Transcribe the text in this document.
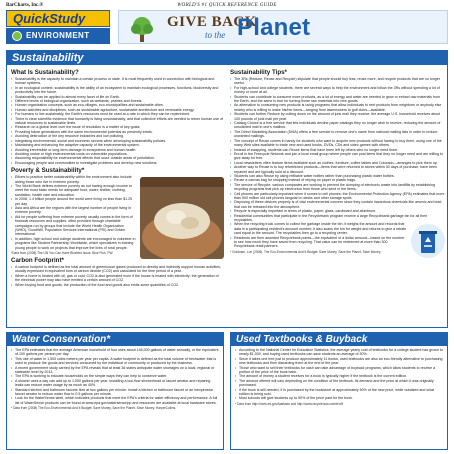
BarCharts, Inc.®	WORLD'S #1 QUICK REFERENCE GUIDE
QuickStudy
ENVIRONMENT
GIVE BACK
to the Planet
Sustainability
What Is Sustainability?
• Sustainability is the capacity to maintain a certain process or state. It is most frequently used in connection with biological and human systems.
• In an ecological context, sustainability is the ability of an ecosystem to maintain ecological processes, functions, biodiversity and productivity into the future.
• Sustainability can be applied to almost every facet of life on Earth.
• Different levels of biological organization, such as wetlands, prairies and forests.
• Human organization concepts, such as eco-villages, eco-municipalities and sustainable cities.
• Human activities and disciplines, such as sustainable agriculture, sustainable architecture and renewable energy.
• For humans to live sustainably, the Earth's resources must be used at a rate in which they can be replenished.
• There is clear scientific evidence that humanity is living unsustainably, and that collective efforts are needed to return human use of natural resources to sustainable limits.
• Research on a global level over the issue of resolution is a matter of key goals:
• Providing future generations with the same environmental potential as presently exists.
• Avoiding destruction of the key resource industries and low polluting.
• Integrating environmental, social and economic sectors when developing sustainability policies.
• Maintaining and enhancing the adaptive capacity of the environmental system.
• Avoiding irreversible or long-term damage to ecosystems and human health.
• Avoiding undue or high environmental costs on vulnerable populations.
• Assuming responsibility for environmental effects that occur outside areas of jurisdiction.
• Encouraging people and communities to investigate problems and develop new solutions.
Poverty & Sustainability*
• Efforts to practice better sustainability within the environment also include aiding those who live in extreme poverty.
• The World Bank defines extreme poverty as not having enough income to meet the most basic needs for adequate food, water, shelter, clothing, sanitation, health care and education.
• In 2008, 1.4 billion people around the world were living on less than $1.25 per day.
• Asia and Africa are the regions with the largest number of people living in extreme poverty.
• Aid for people suffering from extreme poverty usually comes in the form of financial resources and supplies, often provided through charitable campaigns run by groups that include the World Health Organization (WHO), GoodWill, Population Services International (PSI) and Oxfam International.
• In addition, high school and college students are encouraged to volunteer in programs like Student Partnership Worldwide, which specializes in training young people to work on projects that improve the lives of rural people.
*Data from (2008) The UN You Can Have Bluebird Issue. Blue Fish, PW.
Carbon Footprint*
• A carbon footprint is defined as the total amount of greenhouse gases produced to directly and indirectly support human activities, usually expressed in equivalent tons of carbon dioxide (CO2) and calculated for the time period of a year.
• When a home is heated with oil, gas or coal, CO2 is also generated even if the house is heated with electricity; the generation of the electrical power may also have emitted a certain amount of CO2.
• When buying food and goods, the production of the food and goods also emits some quantities of CO2.
Sustainability Tips*
• The 3Rs (Reduce, Reuse and Recycle) stipulate that people should buy less, reuse more, and recycle products that are no longer useful.
• For high-school and college students, there are several ways to help the environment and follow the 3Rs without spending a lot of money or none at all.
• Students can contribute to consume more products, as a lot of energy and water are needed to grow or extract raw materials from the Earth, and the same is true for turning those raw materials into new goods.
• An alternative to consuming new products is using programs that allow individuals to rent products from neighbors or anybody else nearby who is willing to make his/her items—ranging from lawnmowers to golf clubs—available.
• Students can further Reduce by cutting down on the amount of junk mail they receive; the average U.S. household receives about 100 pounds of junk mail per year.
• Catalog Choice is a free service that lets individuals decline paper catalogs they no longer wish to receive, reducing the amount of unsolicited mail in one's mailbox.
• The Direct Marketing Association (DMA) offers a free service to remove one's name from national mailing lists in order to reduce unwanted mailings.
• The concept of Reuse comes in handy for students who want to acquire new products without having to buy them, using one of the many Web sites available to trade new and used books, DVDs, CDs and video games with others.
• Instead of swapping, students can Reuse items that have been left by others who no longer need them.
• Enroll in the Freecycle Network and join a local email group where people can post items that they no longer need and are willing to give away for free.
• Local newsletters often feature items available such as clothes, furniture, coffee tables and Colorado—arranges to pick them up.
• Another way to Reuse is to buy refurbished products—items that were returned to stores within 30 days of purchase, have been repaired and are typically sold at a discount.
• Students can also Reuse by using refillable water bottles rather than purchasing plastic water bottles.
• Reuse a canvas bag for shopping instead of relying on paper or plastic bags.
• The service of Recycle, various companies are working to prevent the dumping of electronic waste into landfills by establishing recycling programs that pick up electronics from those who send in the items.
• Cell phones are particularly important when it comes to cell phones: the Environmental Protection Agency (EPA) estimates that more than 500 million old cell phones languish in desks and other storage spots.
• Disposing of these devices properly is of vital environmental concern since they contain hazardous chemicals like arsenic and lead that can be released into the atmosphere.
• Recycle is especially important in terms of plastic, paper, glass, cardboard and aluminum.
• Residential communities that participate in the Recyclebank program receive a large Recyclebank garbage bin for all their recyclables.
• When the recycling truck comes to collect the garbage inside the bin, it weighs the amount and records that data in a participating resident's account number; it also scans the bin for weight and returns to give a rebate card equal to the amount. The recyclables then go to a recycling center.
• Residents are then awarded Recyclebank points—the equivalent of a dollar amount—based on the number to see how much they have saved from recycling. That value can be redeemed at more than 300 Recyclebank retail partners.
* Goldman, Lori (2008). The Eco-Environmental And It Budget: Save Money, Save the Planet, Save Money.
Water Conservation*
• The EPA estimates that the average American household of four uses about 146,000 gallons of water annually, or the equivalent of 100 gallons per person per day.
• This use of water in 1,500 cubic meters per year per capita. A water footprint is defined as the total volume of freshwater that is used to produce the goods and services consumed by the individual or community or produced by the business.
• A recent government study carried by the EPA reveals that at least 36 states anticipate water shortages on a local, regional or statewide level by 2013.
• The EPA is working to educate households on the simple ways they can help to conserve water.
• A shower uses a day can add up to 1,000 gallons per year. Installing a low-flow showerhead or faucet aerator and repairing leaks can reduce water usage by as much as 40%.
• Standard kitchen and bathroom faucets flow at two gallons per minute. Install a kitchen or bathroom faucet or an inexpensive faucet aerator to reduce water flow to 0.5 gallons per minute.
• Look for the WaterSense label, which indicates products that meet the EPA's criteria for water efficiency and performance. A full list of WaterSense products can be found at www.epa.gov/watersense/pp and resources are available at local hardware stores.
* Data from (2008) The Eco-Environmental And It Budget: Save Money, Save the Planet, Save Money. HarperCollins.
Used Textbooks & Buyback
• According to the National Center for Education Statistics, the average yearly cost of textbooks for a college student has grown to nearly $1,000, and buying used textbooks can save students an average of 30%.
• Since it takes one tree just to produce approximately 11 books, used textbooks are also an eco-friendly alternative to purchasing new textbooks and then discarding them at the end of the year.
• Those who want to sell their textbooks for cash can take advantage of buyback programs, which allow students to receive a portion of the price of the book back.
• The amount of money a student receives for a book is typically higher if the textbook is the current edition.
• The amount offered will vary depending on the condition of the textbook, its demand and the price at which it was originally purchased.
• If the book is still needed, it is purchased by the bookstore at approximately 50% of the new price, while outdated and what edition is being sold.
• Most schools will give students up to 50% of the price paid for the book.
* Data from http://nces.ed.gov/fastfacts and http://www.recyclenow.com/ten/5
